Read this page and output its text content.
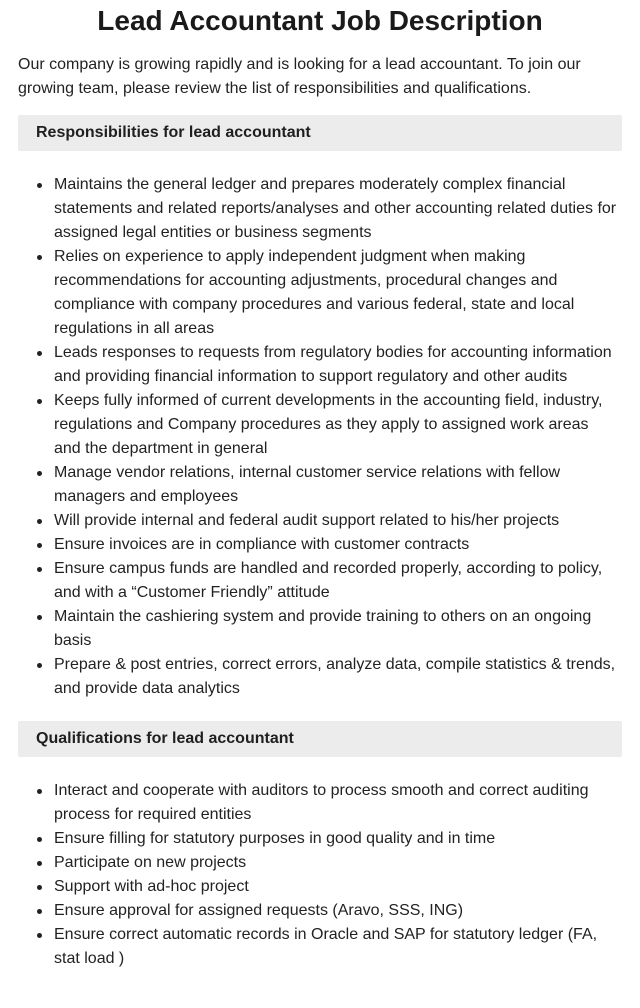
Lead Accountant Job Description

Our company is growing rapidly and is looking for a lead accountant. To join our growing team, please review the list of responsibilities and qualifications.

Responsibilities for lead accountant
Maintains the general ledger and prepares moderately complex financial statements and related reports/analyses and other accounting related duties for assigned legal entities or business segments
Relies on experience to apply independent judgment when making recommendations for accounting adjustments, procedural changes and compliance with company procedures and various federal, state and local regulations in all areas
Leads responses to requests from regulatory bodies for accounting information and providing financial information to support regulatory and other audits
Keeps fully informed of current developments in the accounting field, industry, regulations and Company procedures as they apply to assigned work areas and the department in general
Manage vendor relations, internal customer service relations with fellow managers and employees
Will provide internal and federal audit support related to his/her projects
Ensure invoices are in compliance with customer contracts
Ensure campus funds are handled and recorded properly, according to policy, and with a “Customer Friendly” attitude
Maintain the cashiering system and provide training to others on an ongoing basis
Prepare & post entries, correct errors, analyze data, compile statistics & trends, and provide data analytics
Qualifications for lead accountant
Interact and cooperate with auditors to process smooth and correct auditing process for required entities
Ensure filling for statutory purposes in good quality and in time
Participate on new projects
Support with ad-hoc project
Ensure approval for assigned requests (Aravo, SSS, ING)
Ensure correct automatic records in Oracle and SAP for statutory ledger (FA, stat load )
